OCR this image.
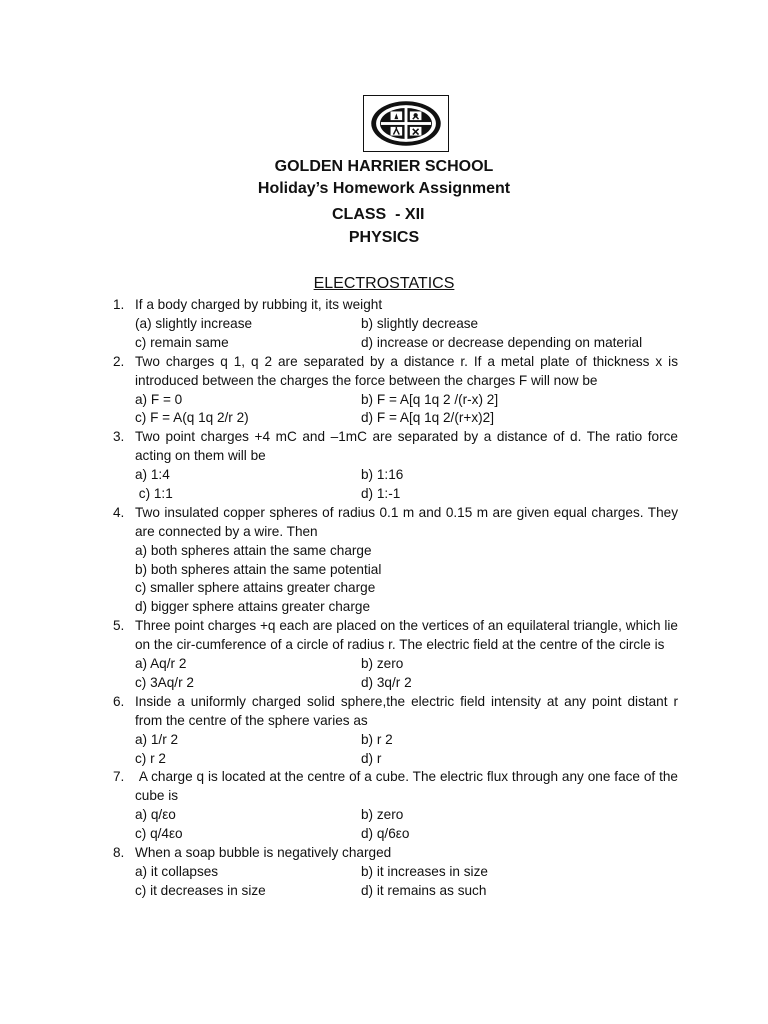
GOLDEN HARRIER SCHOOL
Holiday’s Homework Assignment
CLASS  - XII
PHYSICS
ELECTROSTATICS
1. If a body charged by rubbing it, its weight
(a) slightly increase	b) slightly decrease
c) remain same	d) increase or decrease depending on material
2. Two charges q 1, q 2 are separated by a distance r. If a metal plate of thickness x is introduced between the charges the force between the charges F will now be
a) F = 0	b) F = A[q 1q 2 /(r-x) 2]
c) F = A(q 1q 2/r 2)	d) F = A[q 1q 2/(r+x)2]
3. Two point charges +4 mC and –1mC are separated by a distance of d. The ratio force acting on them will be
a) 1:4	b) 1:16
c) 1:1	d) 1:-1
4. Two insulated copper spheres of radius 0.1 m and 0.15 m are given equal charges. They are connected by a wire. Then
a) both spheres attain the same charge
b) both spheres attain the same potential
c) smaller sphere attains greater charge
d) bigger sphere attains greater charge
5. Three point charges +q each are placed on the vertices of an equilateral triangle, which lie on the cir-cumference of a circle of radius r. The electric field at the centre of the circle is
a) Aq/r 2	b) zero
c) 3Aq/r 2	d) 3q/r 2
6. Inside a uniformly charged solid sphere,the electric field intensity at any point distant r from the centre of the sphere varies as
a) 1/r 2	b) r 2
c) r 2	d) r
7. A charge q is located at the centre of a cube. The electric flux through any one face of the cube is
a) q/εo	b) zero
c) q/4εo	d) q/6εo
8. When a soap bubble is negatively charged
a) it collapses	b) it increases in size
c) it decreases in size	d) it remains as such
